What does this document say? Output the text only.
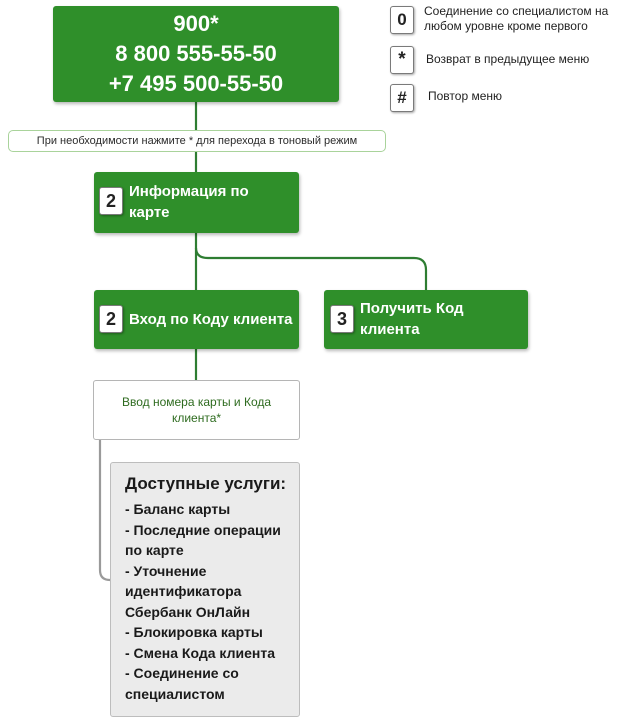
900*
8 800 555-55-50
+7 495 500-55-50
0 Соединение со специалистом на любом уровне кроме первого
* Возврат в предыдущее меню
# Повтор меню
При необходимости нажмите * для перехода в тоновый режим
2 Информация по карте
2 Вход по Коду клиента	3 Получить Код клиента
Ввод номера карты и Кода клиента*
Доступные услуги:
- Баланс карты
- Последние операции по карте
- Уточнение идентификатора Сбербанк ОнЛайн
- Блокировка карты
- Смена Кода клиента
- Соединение со специалистом
